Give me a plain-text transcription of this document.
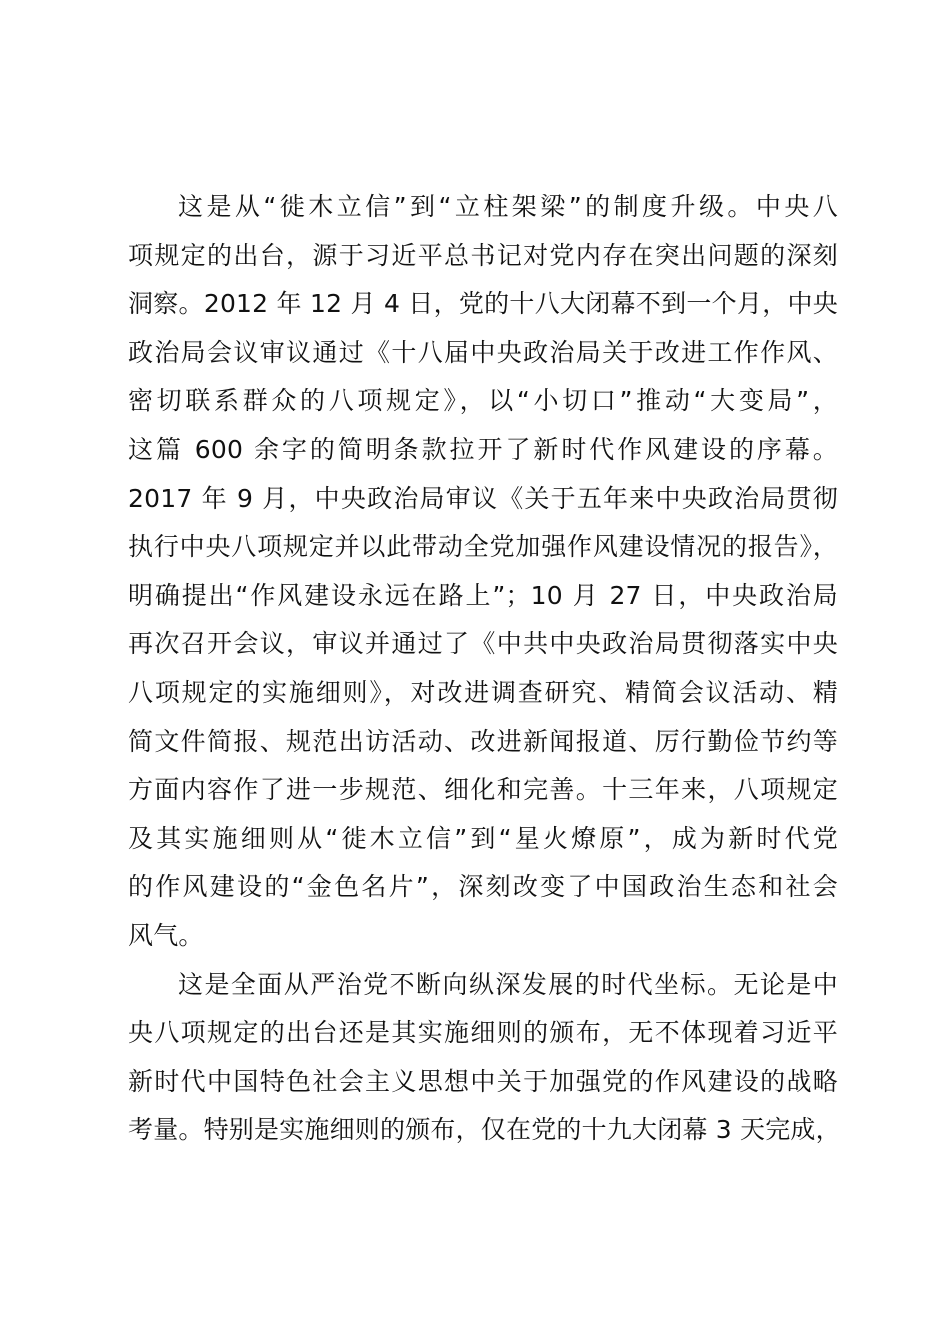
这是从“徙木立信”到“立柱架梁”的制度升级。中央八
项规定的出台，源于习近平总书记对党内存在突出问题的深刻
洞察。2012 年 12 月 4 日，党的十八大闭幕不到一个月，中央
政治局会议审议通过《十八届中央政治局关于改进工作作风、
密切联系群众的八项规定》，以“小切口”推动“大变局”，
这篇 600 余字的简明条款拉开了新时代作风建设的序幕。
2017 年 9 月，中央政治局审议《关于五年来中央政治局贯彻
执行中央八项规定并以此带动全党加强作风建设情况的报告》，
明确提出“作风建设永远在路上”；10 月 27 日，中央政治局
再次召开会议，审议并通过了《中共中央政治局贯彻落实中央
八项规定的实施细则》，对改进调查研究、精简会议活动、精
简文件简报、规范出访活动、改进新闻报道、厉行勤俭节约等
方面内容作了进一步规范、细化和完善。十三年来，八项规定
及其实施细则从“徙木立信”到“星火燎原”，成为新时代党
的作风建设的“金色名片”，深刻改变了中国政治生态和社会
风气。
这是全面从严治党不断向纵深发展的时代坐标。无论是中
央八项规定的出台还是其实施细则的颁布，无不体现着习近平
新时代中国特色社会主义思想中关于加强党的作风建设的战略
考量。特别是实施细则的颁布，仅在党的十九大闭幕 3 天完成，
